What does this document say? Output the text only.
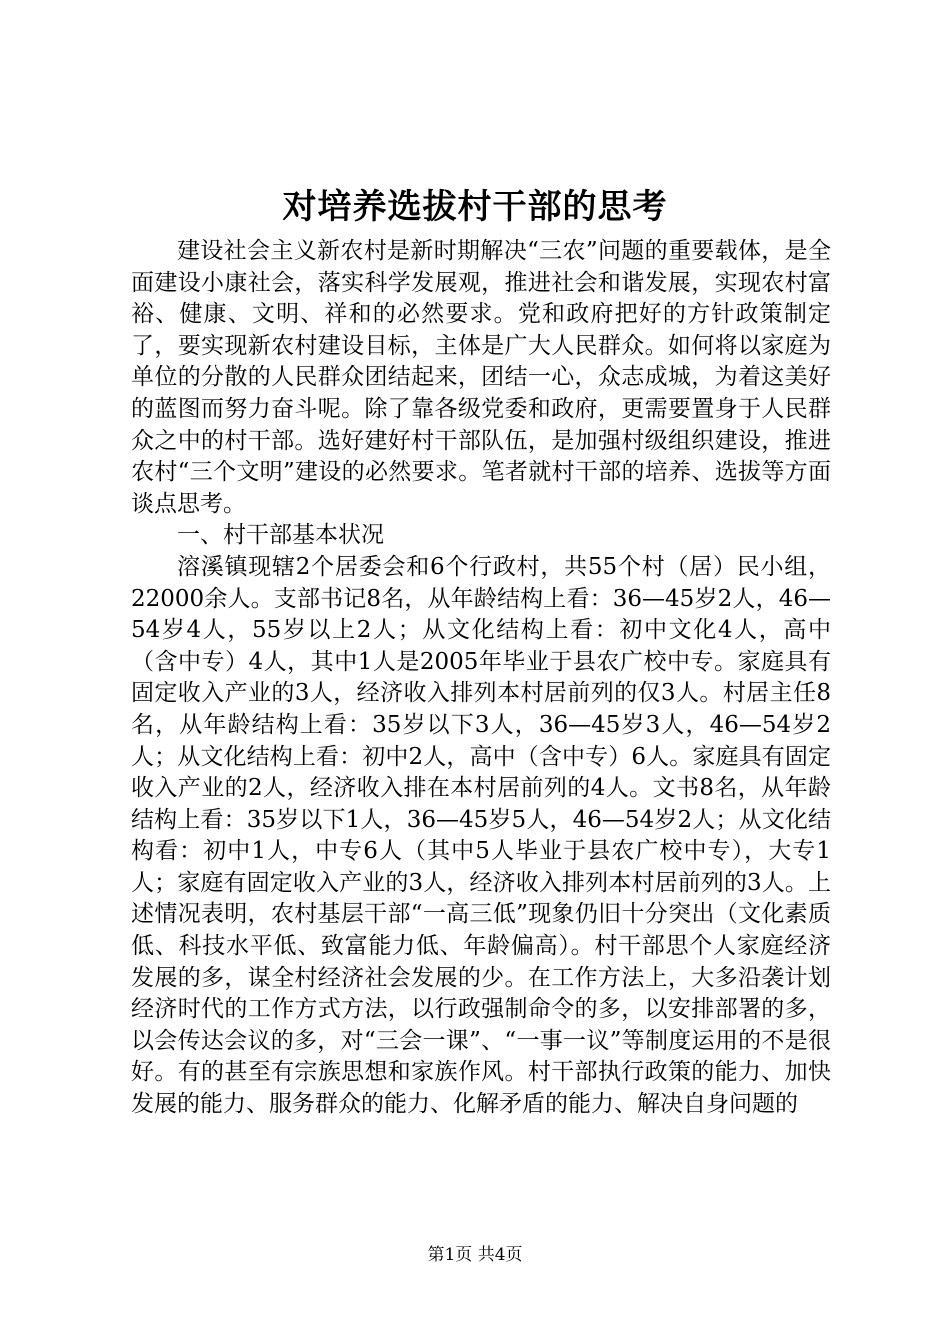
对培养选拔村干部的思考

建设社会主义新农村是新时期解决“三农”问题的重要载体，是全面建设小康社会，落实科学发展观，推进社会和谐发展，实现农村富裕、健康、文明、祥和的必然要求。党和政府把好的方针政策制定了，要实现新农村建设目标，主体是广大人民群众。如何将以家庭为单位的分散的人民群众团结起来，团结一心，众志成城，为着这美好的蓝图而努力奋斗呢。除了靠各级党委和政府，更需要置身于人民群众之中的村干部。选好建好村干部队伍，是加强村级组织建设，推进农村“三个文明”建设的必然要求。笔者就村干部的培养、选拔等方面谈点思考。

一、村干部基本状况

溶溪镇现辖2个居委会和6个行政村，共55个村（居）民小组，22000余人。支部书记8名，从年龄结构上看：36—45岁2人，46—54岁4人，55岁以上2人；从文化结构上看：初中文化4人，高中（含中专）4人，其中1人是2005年毕业于县农广校中专。家庭具有固定收入产业的3人，经济收入排列本村居前列的仅3人。村居主任8名，从年龄结构上看：35岁以下3人，36—45岁3人，46—54岁2人；从文化结构上看：初中2人，高中（含中专）6人。家庭具有固定收入产业的2人，经济收入排在本村居前列的4人。文书8名，从年龄结构上看：35岁以下1人，36—45岁5人，46—54岁2人；从文化结构看：初中1人，中专6人（其中5人毕业于县农广校中专），大专1人；家庭有固定收入产业的3人，经济收入排列本村居前列的3人。上述情况表明，农村基层干部“一高三低”现象仍旧十分突出（文化素质低、科技水平低、致富能力低、年龄偏高）。村干部思个人家庭经济发展的多，谋全村经济社会发展的少。在工作方法上，大多沿袭计划经济时代的工作方式方法，以行政强制命令的多，以安排部署的多，以会传达会议的多，对“三会一课”、“一事一议”等制度运用的不是很好。有的甚至有宗族思想和家族作风。村干部执行政策的能力、加快发展的能力、服务群众的能力、化解矛盾的能力、解决自身问题的

第1页 共4页
